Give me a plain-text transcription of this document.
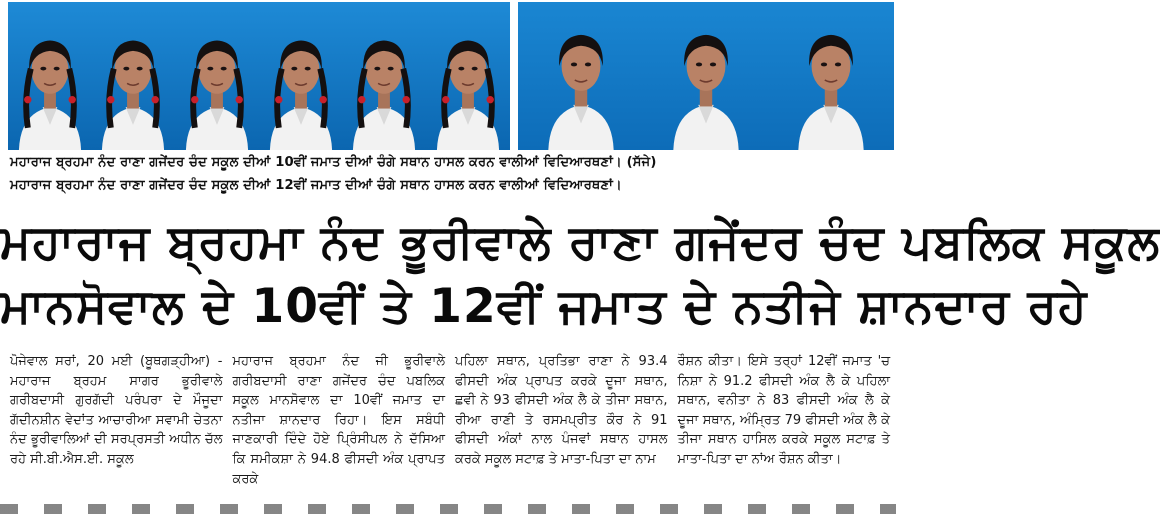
ਮਹਾਰਾਜ ਬ੍ਰਹਮਾ ਨੰਦ ਰਾਣਾ ਗਜੇਂਦਰ ਚੰਦ ਸਕੂਲ ਦੀਆਂ 10ਵੀਂ ਜਮਾਤ ਦੀਆਂ ਚੰਗੇ ਸਥਾਨ ਹਾਸਲ ਕਰਨ ਵਾਲੀਆਂ ਵਿਦਿਆਰਥਣਾਂ। (ਸੱਜੇ)
ਮਹਾਰਾਜ ਬ੍ਰਹਮਾ ਨੰਦ ਰਾਣਾ ਗਜੇਂਦਰ ਚੰਦ ਸਕੂਲ ਦੀਆਂ 12ਵੀਂ ਜਮਾਤ ਦੀਆਂ ਚੰਗੇ ਸਥਾਨ ਹਾਸਲ ਕਰਨ ਵਾਲੀਆਂ ਵਿਦਿਆਰਥਣਾਂ।
ਮਹਾਰਾਜ ਬ੍ਰਹਮਾ ਨੰਦ ਭੂਰੀਵਾਲੇ ਰਾਣਾ ਗਜੇਂਦਰ ਚੰਦ ਪਬਲਿਕ ਸਕੂਲ
ਮਾਨਸੋਵਾਲ ਦੇ 10ਵੀਂ ਤੇ 12ਵੀਂ ਜਮਾਤ ਦੇ ਨਤੀਜੇ ਸ਼ਾਨਦਾਰ ਰਹੇ
ਪੋਜੇਵਾਲ ਸਰਾਂ, 20 ਮਈ (ਬੂਥਗੜ੍ਹੀਆ) - ਮਹਾਰਾਜ ਬ੍ਰਹਮ ਸਾਗਰ ਭੂਰੀਵਾਲੇ ਗਰੀਬਦਾਸੀ ਗੁਰਗੱਦੀ ਪਰੰਪਰਾ ਦੇ ਮੌਜੂਦਾ ਗੱਦੀਨਸ਼ੀਨ ਵੇਦਾਂਤ ਆਚਾਰੀਆ ਸਵਾਮੀ ਚੇਤਨਾ ਨੰਦ ਭੂਰੀਵਾਲਿਆਂ ਦੀ ਸਰਪ੍ਰਸਤੀ ਅਧੀਨ ਚੱਲ ਰਹੇ ਸੀ.ਬੀ.ਐਸ.ਈ. ਸਕੂਲ
ਮਹਾਰਾਜ ਬ੍ਰਹਮਾ ਨੰਦ ਜੀ ਭੂਰੀਵਾਲੇ ਗਰੀਬਦਾਸੀ ਰਾਣਾ ਗਜੇਂਦਰ ਚੰਦ ਪਬਲਿਕ ਸਕੂਲ ਮਾਨਸੋਵਾਲ ਦਾ 10ਵੀਂ ਜਮਾਤ ਦਾ ਨਤੀਜਾ ਸ਼ਾਨਦਾਰ ਰਿਹਾ। ਇਸ ਸਬੰਧੀ ਜਾਣਕਾਰੀ ਦਿੰਦੇ ਹੋਏ ਪ੍ਰਿੰਸੀਪਲ ਨੇ ਦੱਸਿਆ ਕਿ ਸਮੀਕਸ਼ਾ ਨੇ 94.8 ਫੀਸਦੀ ਅੰਕ ਪ੍ਰਾਪਤ ਕਰਕੇ
ਪਹਿਲਾ ਸਥਾਨ, ਪ੍ਰਤਿਭਾ ਰਾਣਾ ਨੇ 93.4 ਫੀਸਦੀ ਅੰਕ ਪ੍ਰਾਪਤ ਕਰਕੇ ਦੂਜਾ ਸਥਾਨ, ਛਵੀ ਨੇ 93 ਫੀਸਦੀ ਅੰਕ ਲੈ ਕੇ ਤੀਜਾ ਸਥਾਨ, ਰੀਆ ਰਾਣੀ ਤੇ ਰਸਮਪ੍ਰੀਤ ਕੌਰ ਨੇ 91 ਫੀਸਦੀ ਅੰਕਾਂ ਨਾਲ ਪੰਜਵਾਂ ਸਥਾਨ ਹਾਸਲ ਕਰਕੇ ਸਕੂਲ ਸਟਾਫ਼ ਤੇ ਮਾਤਾ-ਪਿਤਾ ਦਾ ਨਾਮ
ਰੌਸ਼ਨ ਕੀਤਾ। ਇਸੇ ਤਰ੍ਹਾਂ 12ਵੀਂ ਜਮਾਤ 'ਚ ਨਿਸ਼ਾ ਨੇ 91.2 ਫੀਸਦੀ ਅੰਕ ਲੈ ਕੇ ਪਹਿਲਾ ਸਥਾਨ, ਵਨੀਤਾ ਨੇ 83 ਫੀਸਦੀ ਅੰਕ ਲੈ ਕੇ ਦੂਜਾ ਸਥਾਨ, ਅੰਮ੍ਰਿਤ 79 ਫੀਸਦੀ ਅੰਕ ਲੈ ਕੇ ਤੀਜਾ ਸਥਾਨ ਹਾਸਿਲ ਕਰਕੇ ਸਕੂਲ ਸਟਾਫ਼ ਤੇ ਮਾਤਾ-ਪਿਤਾ ਦਾ ਨਾਂਅ ਰੌਸ਼ਨ ਕੀਤਾ।
